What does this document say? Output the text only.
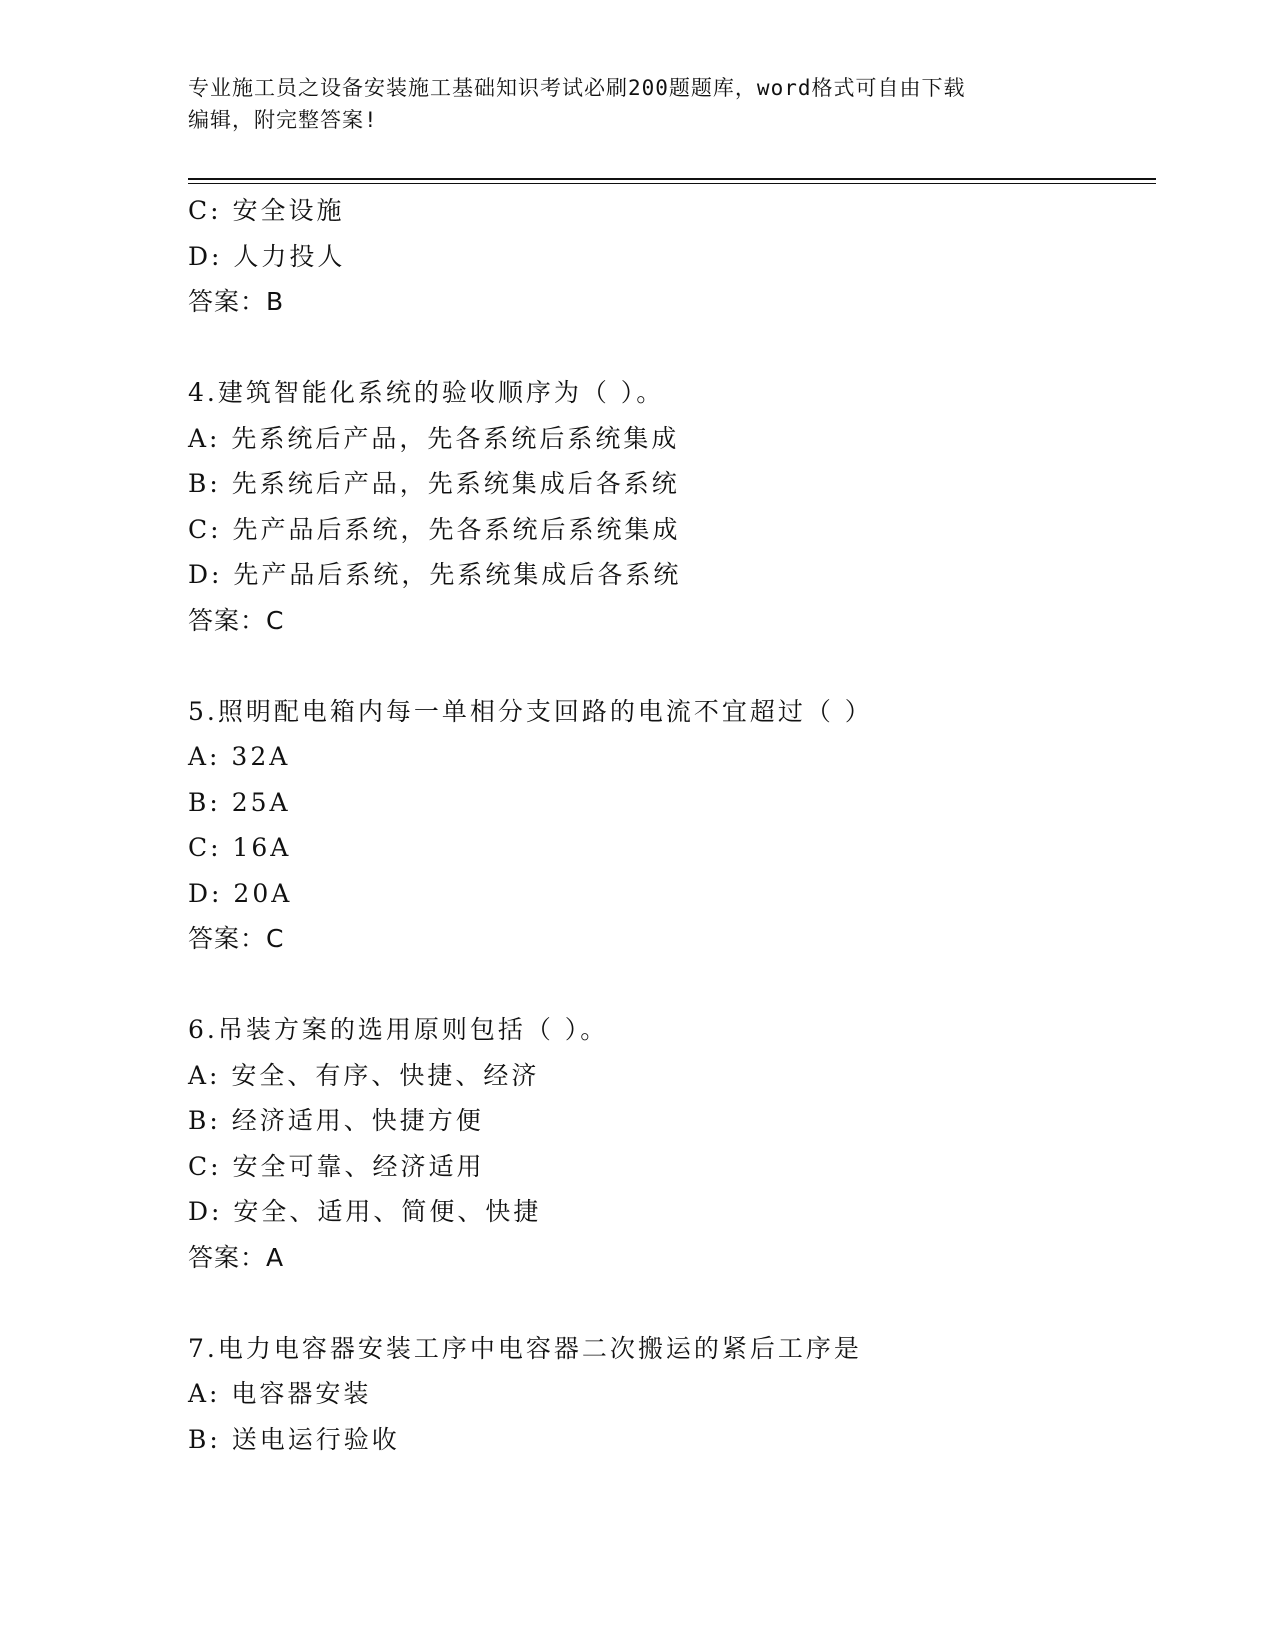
专业施工员之设备安装施工基础知识考试必刷200题题库，word格式可自由下载
编辑，附完整答案!
C: 安全设施
D: 人力投人
答案：B
4.建筑智能化系统的验收顺序为（ ）。
A: 先系统后产品，先各系统后系统集成
B: 先系统后产品，先系统集成后各系统
C: 先产品后系统，先各系统后系统集成
D: 先产品后系统，先系统集成后各系统
答案：C
5.照明配电箱内每一单相分支回路的电流不宜超过（ ）
A: 32A
B: 25A
C: 16A
D: 20A
答案：C
6.吊装方案的选用原则包括（ ）。
A: 安全、有序、快捷、经济
B: 经济适用、快捷方便
C: 安全可靠、经济适用
D: 安全、适用、简便、快捷
答案：A
7.电力电容器安装工序中电容器二次搬运的紧后工序是
A: 电容器安装
B: 送电运行验收
